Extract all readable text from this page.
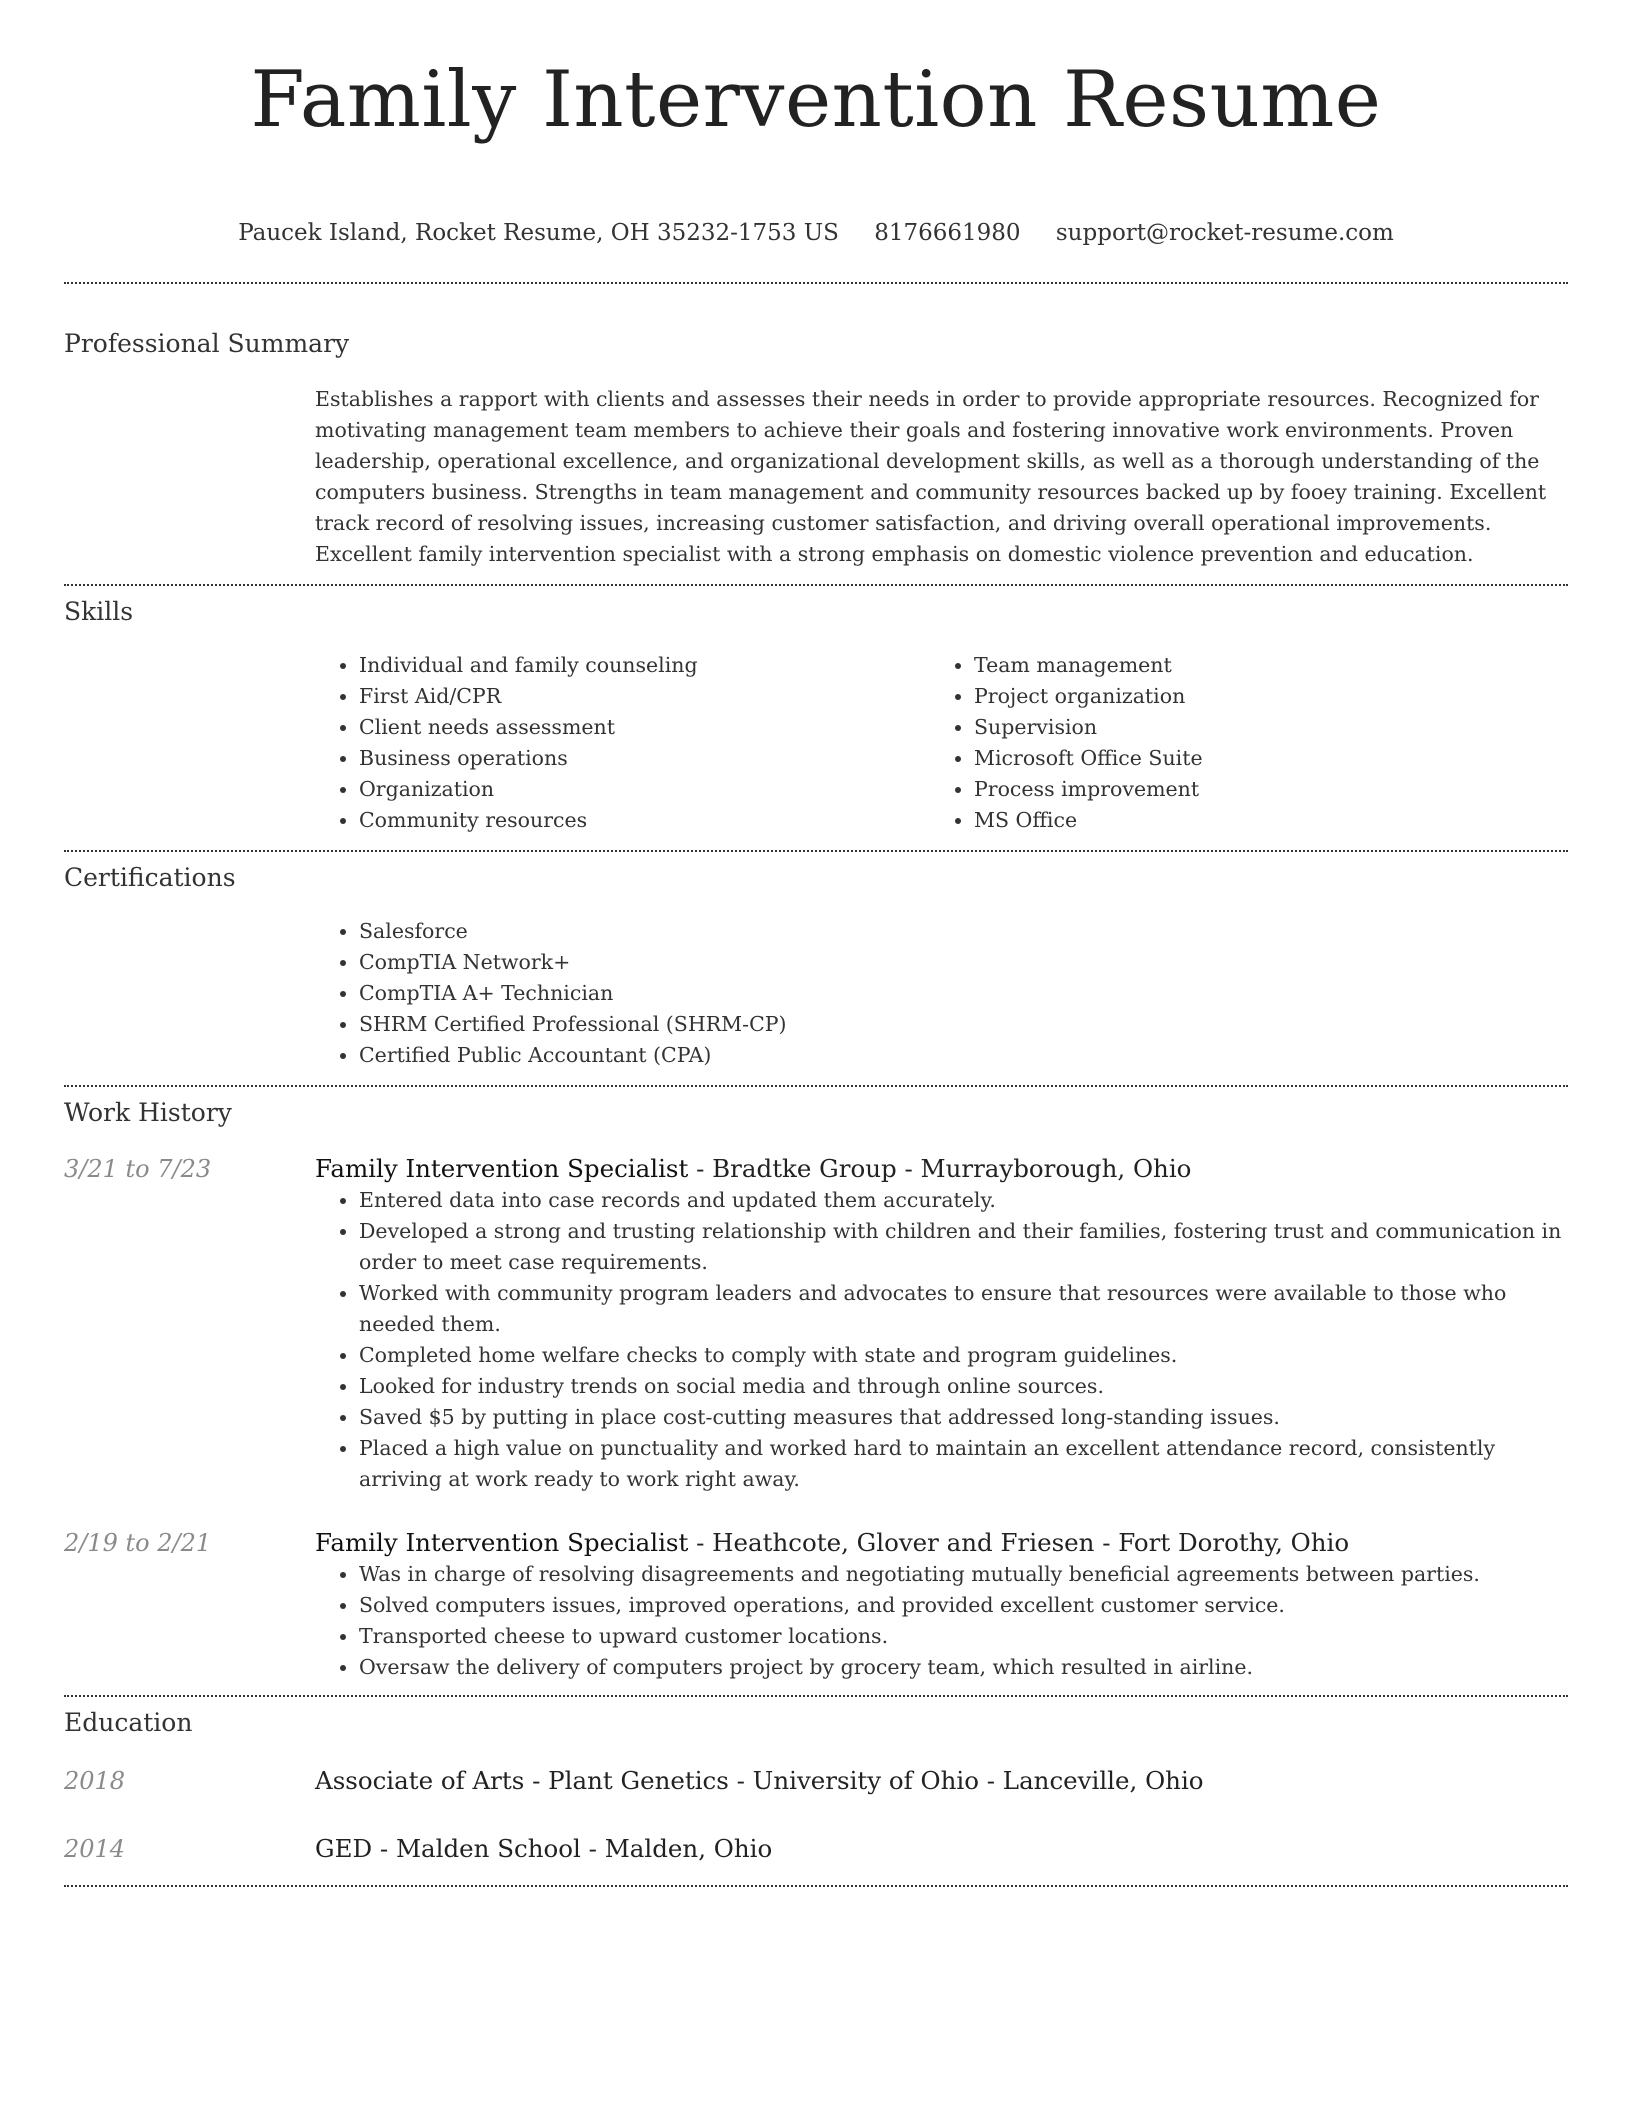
Family Intervention Resume
Paucek Island, Rocket Resume, OH 35232-1753 US 8176661980 support@rocket-resume.com
Professional Summary
Establishes a rapport with clients and assesses their needs in order to provide appropriate resources. Recognized for motivating management team members to achieve their goals and fostering innovative work environments. Proven leadership, operational excellence, and organizational development skills, as well as a thorough understanding of the computers business. Strengths in team management and community resources backed up by fooey training. Excellent track record of resolving issues, increasing customer satisfaction, and driving overall operational improvements. Excellent family intervention specialist with a strong emphasis on domestic violence prevention and education.
Skills
• Individual and family counseling
• First Aid/CPR
• Client needs assessment
• Business operations
• Organization
• Community resources
• Team management
• Project organization
• Supervision
• Microsoft Office Suite
• Process improvement
• MS Office
Certifications
• Salesforce
• CompTIA Network+
• CompTIA A+ Technician
• SHRM Certified Professional (SHRM-CP)
• Certified Public Accountant (CPA)
Work History
3/21 to 7/23	Family Intervention Specialist - Bradtke Group - Murrayborough, Ohio
• Entered data into case records and updated them accurately.
• Developed a strong and trusting relationship with children and their families, fostering trust and communication in order to meet case requirements.
• Worked with community program leaders and advocates to ensure that resources were available to those who needed them.
• Completed home welfare checks to comply with state and program guidelines.
• Looked for industry trends on social media and through online sources.
• Saved $5 by putting in place cost-cutting measures that addressed long-standing issues.
• Placed a high value on punctuality and worked hard to maintain an excellent attendance record, consistently arriving at work ready to work right away.
2/19 to 2/21	Family Intervention Specialist - Heathcote, Glover and Friesen - Fort Dorothy, Ohio
• Was in charge of resolving disagreements and negotiating mutually beneficial agreements between parties.
• Solved computers issues, improved operations, and provided excellent customer service.
• Transported cheese to upward customer locations.
• Oversaw the delivery of computers project by grocery team, which resulted in airline.
Education
2018	Associate of Arts - Plant Genetics - University of Ohio - Lanceville, Ohio
2014	GED - Malden School - Malden, Ohio
